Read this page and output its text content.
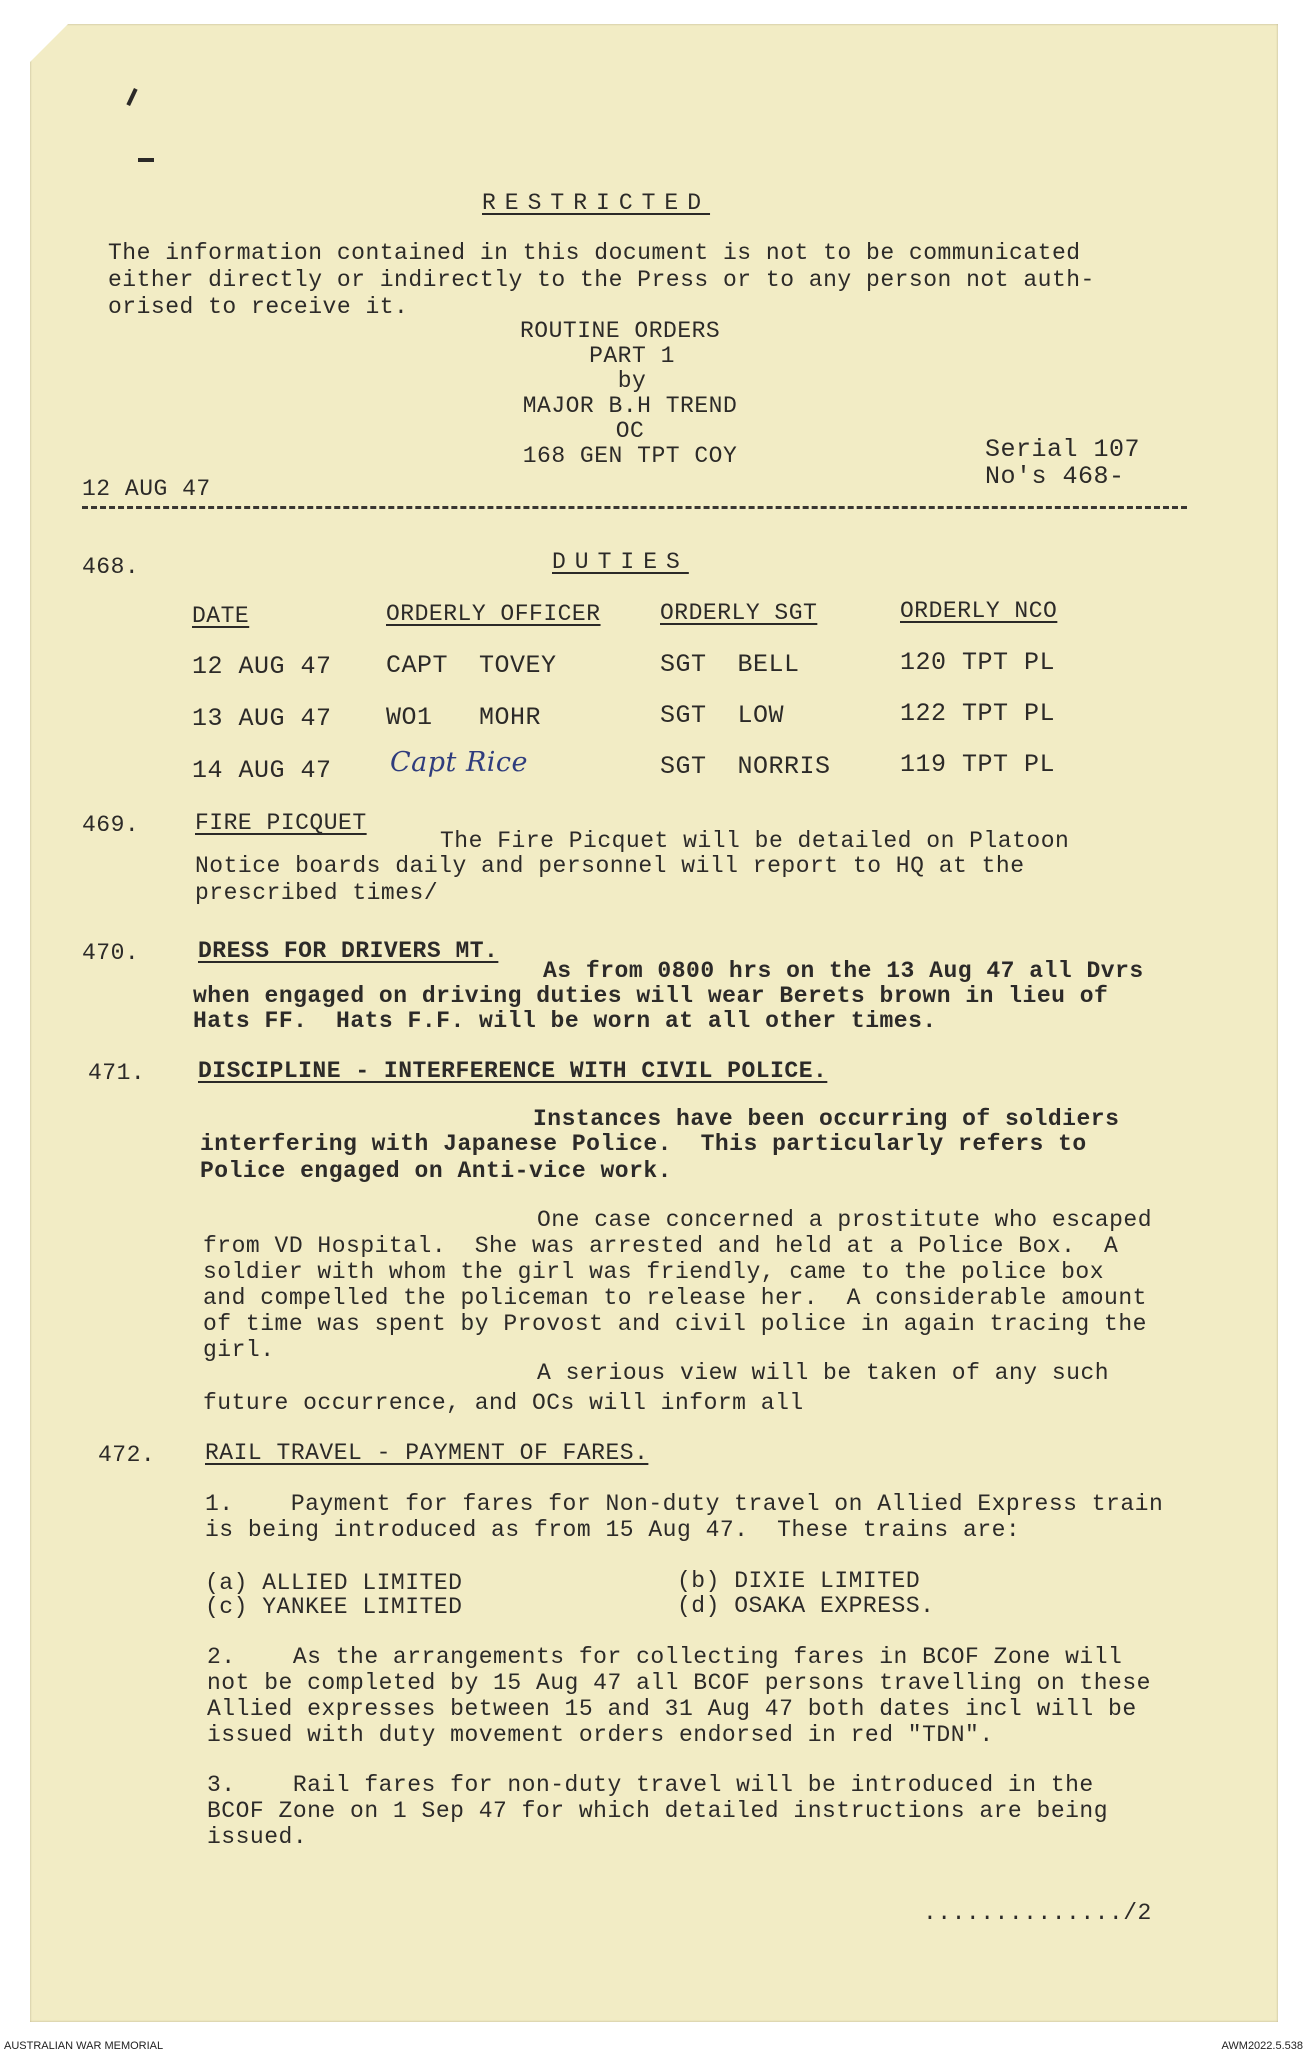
RESTRICTED
The information contained in this document is not to be communicated
either directly or indirectly to the Press or to any person not auth-
orised to receive it.
ROUTINE ORDERS
PART 1
by
MAJOR B.H TREND
OC
168 GEN TPT COY
12 AUG 47
Serial 107
No's 468-
468.	DUTIES
DATE	ORDERLY OFFICER	ORDERLY SGT	ORDERLY NCO
12 AUG 47 CAPT  TOVEY	SGT  BELL	120 TPT PL
13 AUG 47 WO1   MOHR	SGT  LOW	122 TPT PL
14 AUG 47 Capt Rice	SGT  NORRIS	119 TPT PL
469. FIRE PICQUET
The Fire Picquet will be detailed on Platoon
Notice boards daily and personnel will report to HQ at the
prescribed times/
470.	DRESS FOR DRIVERS MT.
As from 0800 hrs on the 13 Aug 47 all Dvrs
when engaged on driving duties will wear Berets brown in lieu of
Hats FF.  Hats F.F. will be worn at all other times.
471. DISCIPLINE - INTERFERENCE WITH CIVIL POLICE.
Instances have been occurring of soldiers
interfering with Japanese Police.  This particularly refers to
Police engaged on Anti-vice work.
One case concerned a prostitute who escaped
from VD Hospital.  She was arrested and held at a Police Box.  A
soldier with whom the girl was friendly, came to the police box
and compelled the policeman to release her.  A considerable amount
of time was spent by Provost and civil police in again tracing the
girl.
A serious view will be taken of any such
future occurrence, and OCs will inform all
472. RAIL TRAVEL - PAYMENT OF FARES.
1.    Payment for fares for Non-duty travel on Allied Express train
is being introduced as from 15 Aug 47.  These trains are:
(a) ALLIED LIMITED	(b) DIXIE LIMITED
(c) YANKEE LIMITED	(d) OSAKA EXPRESS.
2.    As the arrangements for collecting fares in BCOF Zone will
not be completed by 15 Aug 47 all BCOF persons travelling on these
Allied expresses between 15 and 31 Aug 47 both dates incl will be
issued with duty movement orders endorsed in red "TDN".
3.    Rail fares for non-duty travel will be introduced in the
BCOF Zone on 1 Sep 47 for which detailed instructions are being
issued.
............../2
AUSTRALIAN WAR MEMORIAL	AWM2022.5.538
